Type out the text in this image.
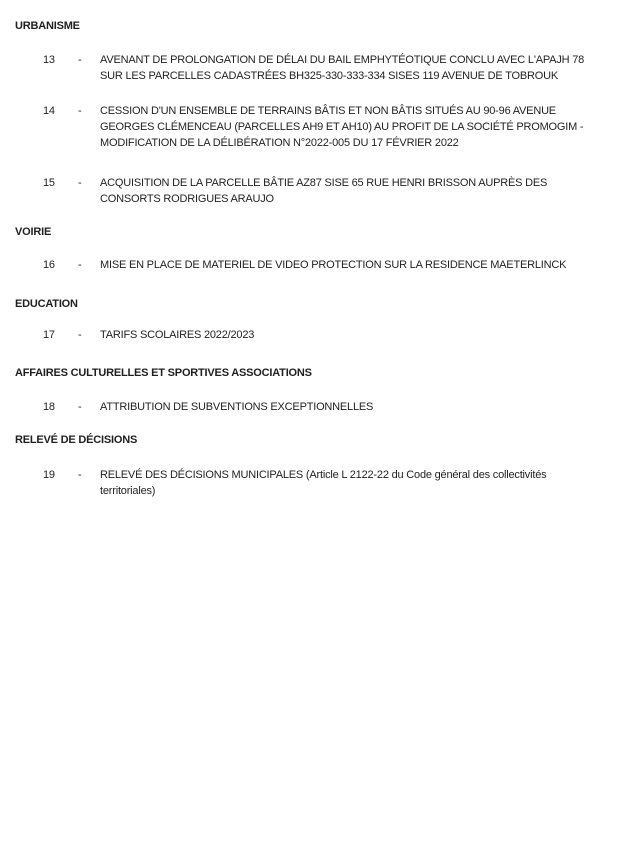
URBANISME
13	-	AVENANT DE PROLONGATION DE DÉLAI DU BAIL EMPHYTÉOTIQUE CONCLU AVEC L'APAJH 78 SUR LES PARCELLES CADASTRÉES BH325-330-333-334 SISES 119 AVENUE DE TOBROUK
14	-	CESSION D'UN ENSEMBLE DE TERRAINS BÂTIS ET NON BÂTIS SITUÉS AU 90-96 AVENUE GEORGES CLÉMENCEAU (PARCELLES AH9 ET AH10) AU PROFIT DE LA SOCIÉTÉ PROMOGIM - MODIFICATION DE LA DÉLIBÉRATION N°2022-005 DU 17 FÉVRIER 2022
15	-	ACQUISITION DE LA PARCELLE BÂTIE AZ87 SISE 65 RUE HENRI BRISSON AUPRÈS DES CONSORTS RODRIGUES ARAUJO
VOIRIE
16	-	MISE EN PLACE DE MATERIEL DE VIDEO PROTECTION SUR LA RESIDENCE MAETERLINCK
EDUCATION
17	-	TARIFS SCOLAIRES 2022/2023
AFFAIRES CULTURELLES ET SPORTIVES ASSOCIATIONS
18	-	ATTRIBUTION DE SUBVENTIONS EXCEPTIONNELLES
RELEVÉ DE DÉCISIONS
19	-	RELEVÉ DES DÉCISIONS MUNICIPALES (Article L 2122-22 du Code général des collectivités territoriales)
